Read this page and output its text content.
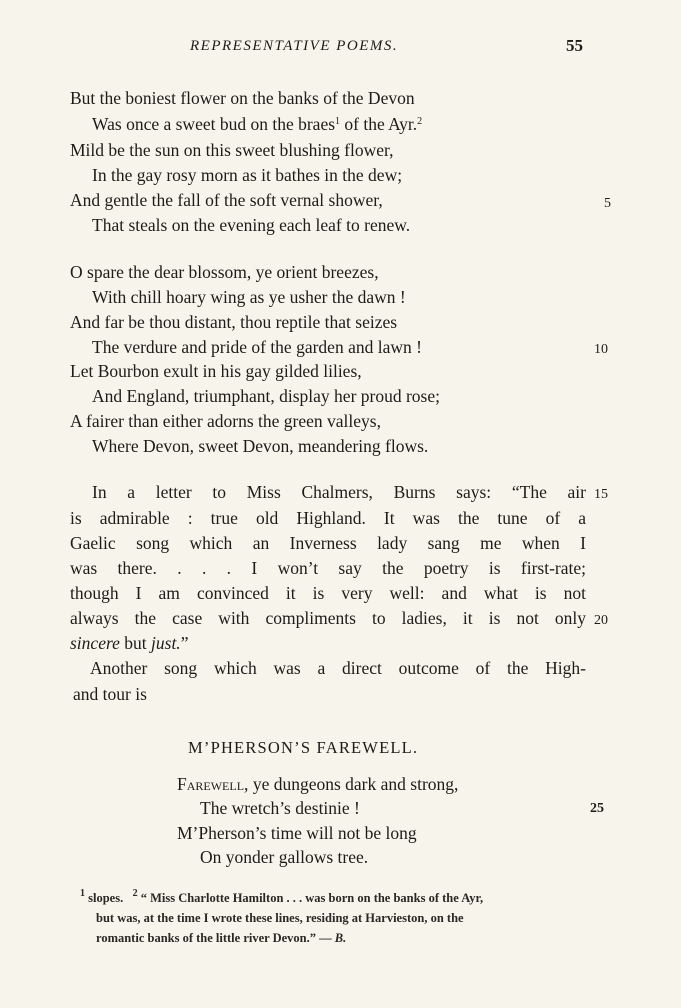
REPRESENTATIVE POEMS.	55
But the boniest flower on the banks of the Devon
Was once a sweet bud on the braes$^1$ of the Ayr.$^2$
Mild be the sun on this sweet blushing flower,
In the gay rosy morn as it bathes in the dew;
And gentle the fall of the soft vernal shower,	5
That steals on the evening each leaf to renew.
O spare the dear blossom, ye orient breezes,
With chill hoary wing as ye usher the dawn !
And far be thou distant, thou reptile that seizes
The verdure and pride of the garden and lawn !	10
Let Bourbon exult in his gay gilded lilies,
And England, triumphant, display her proud rose;
A fairer than either adorns the green valleys,
Where Devon, sweet Devon, meandering flows.
In a letter to Miss Chalmers, Burns says: “The air
is admirable : true old Highland. It was the tune of a
Gaelic song which an Inverness lady sang me when I
was there. . . . I won’t say the poetry is first-rate;
though I am convinced it is very well: and what is not
always the case with compliments to ladies, it is not only
sincere but just.”
Another song which was a direct outcome of the High-
and tour is
15
20
M’PHERSON’S FAREWELL.
Farewell, ye dungeons dark and strong,
The wretch’s destinie !	25
M’Pherson’s time will not be long
On yonder gallows tree.
$^1$ slopes. $^2$ “ Miss Charlotte Hamilton . . . was born on the banks of the Ayr,
but was, at the time I wrote these lines, residing at Harvieston, on the
romantic banks of the little river Devon.” — B.
